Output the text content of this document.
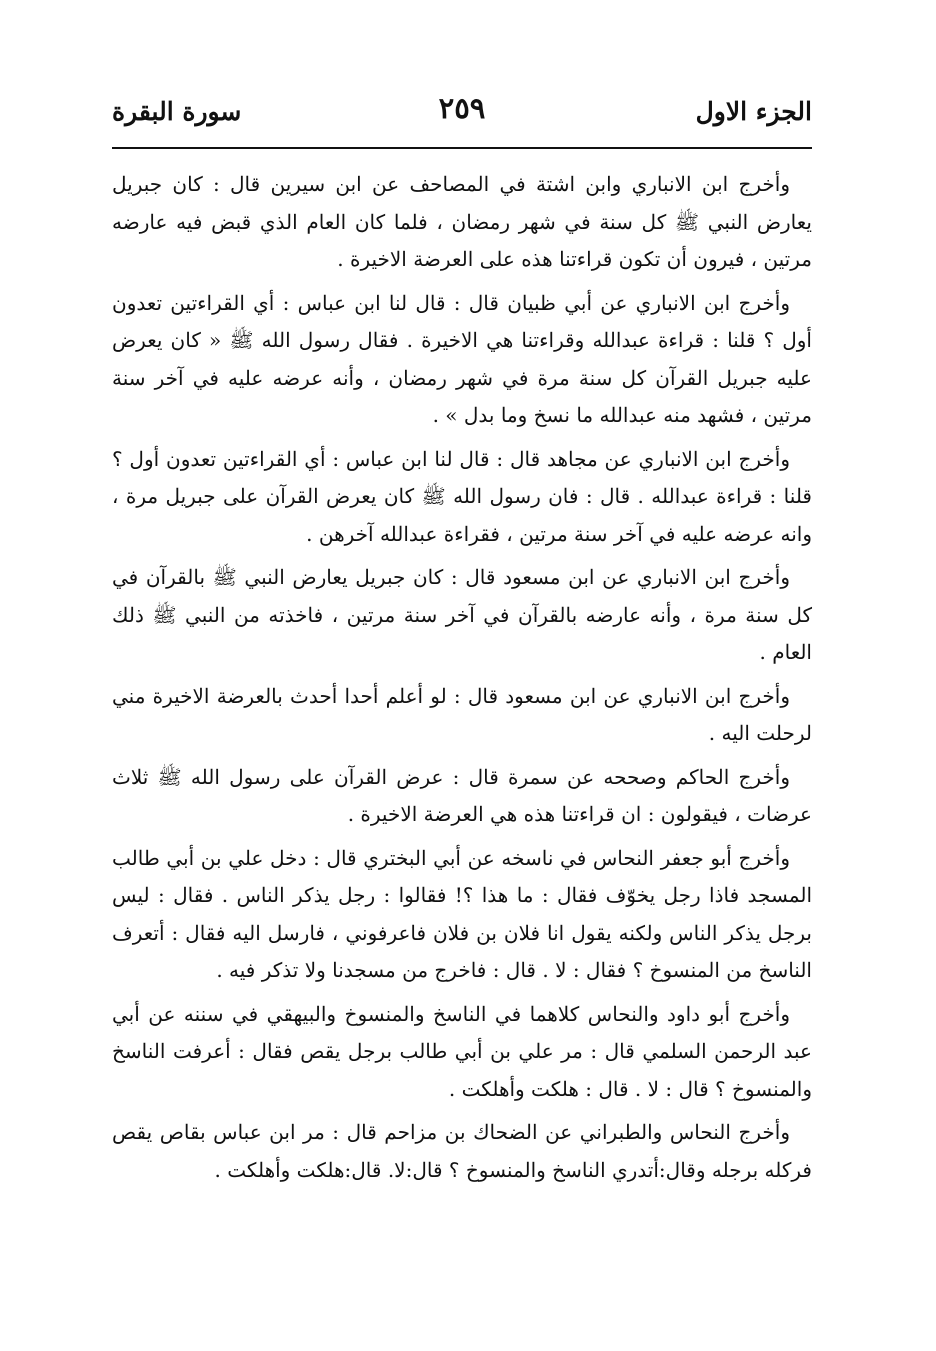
الجزء الاول
٢٥٩
سورة البقرة

وأخرج ابن الانباري وابن اشتة في المصاحف عن ابن سيرين قال : كان جبريل يعارض النبي ﷺ كل سنة في شهر رمضان ، فلما كان العام الذي قبض فيه عارضه مرتين ، فيرون أن تكون قراءتنا هذه على العرضة الاخيرة .

وأخرج ابن الانباري عن أبي ظبيان قال : قال لنا ابن عباس : أي القراءتين تعدون أول ؟ قلنا : قراءة عبدالله وقراءتنا هي الاخيرة . فقال رسول الله ﷺ « كان يعرض عليه جبريل القرآن كل سنة مرة في شهر رمضان ، وأنه عرضه عليه في آخر سنة مرتين ، فشهد منه عبدالله ما نسخ وما بدل » .

وأخرج ابن الانباري عن مجاهد قال : قال لنا ابن عباس : أي القراءتين تعدون أول ؟ قلنا : قراءة عبدالله . قال : فان رسول الله ﷺ كان يعرض القرآن على جبريل مرة ، وانه عرضه عليه في آخر سنة مرتين ، فقراءة عبدالله آخرهن .

وأخرج ابن الانباري عن ابن مسعود قال : كان جبريل يعارض النبي ﷺ بالقرآن في كل سنة مرة ، وأنه عارضه بالقرآن في آخر سنة مرتين ، فاخذته من النبي ﷺ ذلك العام .

وأخرج ابن الانباري عن ابن مسعود قال : لو أعلم أحدا أحدث بالعرضة الاخيرة مني لرحلت اليه .

وأخرج الحاكم وصححه عن سمرة قال : عرض القرآن على رسول الله ﷺ ثلاث عرضات ، فيقولون : ان قراءتنا هذه هي العرضة الاخيرة .

وأخرج أبو جعفر النحاس في ناسخه عن أبي البختري قال : دخل علي بن أبي طالب المسجد فاذا رجل يخوّف فقال : ما هذا ؟! فقالوا : رجل يذكر الناس . فقال : ليس برجل يذكر الناس ولكنه يقول انا فلان بن فلان فاعرفوني ، فارسل اليه فقال : أتعرف الناسخ من المنسوخ ؟ فقال : لا . قال : فاخرج من مسجدنا ولا تذكر فيه .

وأخرج أبو داود والنحاس كلاهما في الناسخ والمنسوخ والبيهقي في سننه عن أبي عبد الرحمن السلمي قال : مر علي بن أبي طالب برجل يقص فقال : أعرفت الناسخ والمنسوخ ؟ قال : لا . قال : هلكت وأهلكت .

وأخرج النحاس والطبراني عن الضحاك بن مزاحم قال : مر ابن عباس بقاص يقص فركله برجله وقال:أتدري الناسخ والمنسوخ ؟ قال:لا. قال:هلكت وأهلكت .
